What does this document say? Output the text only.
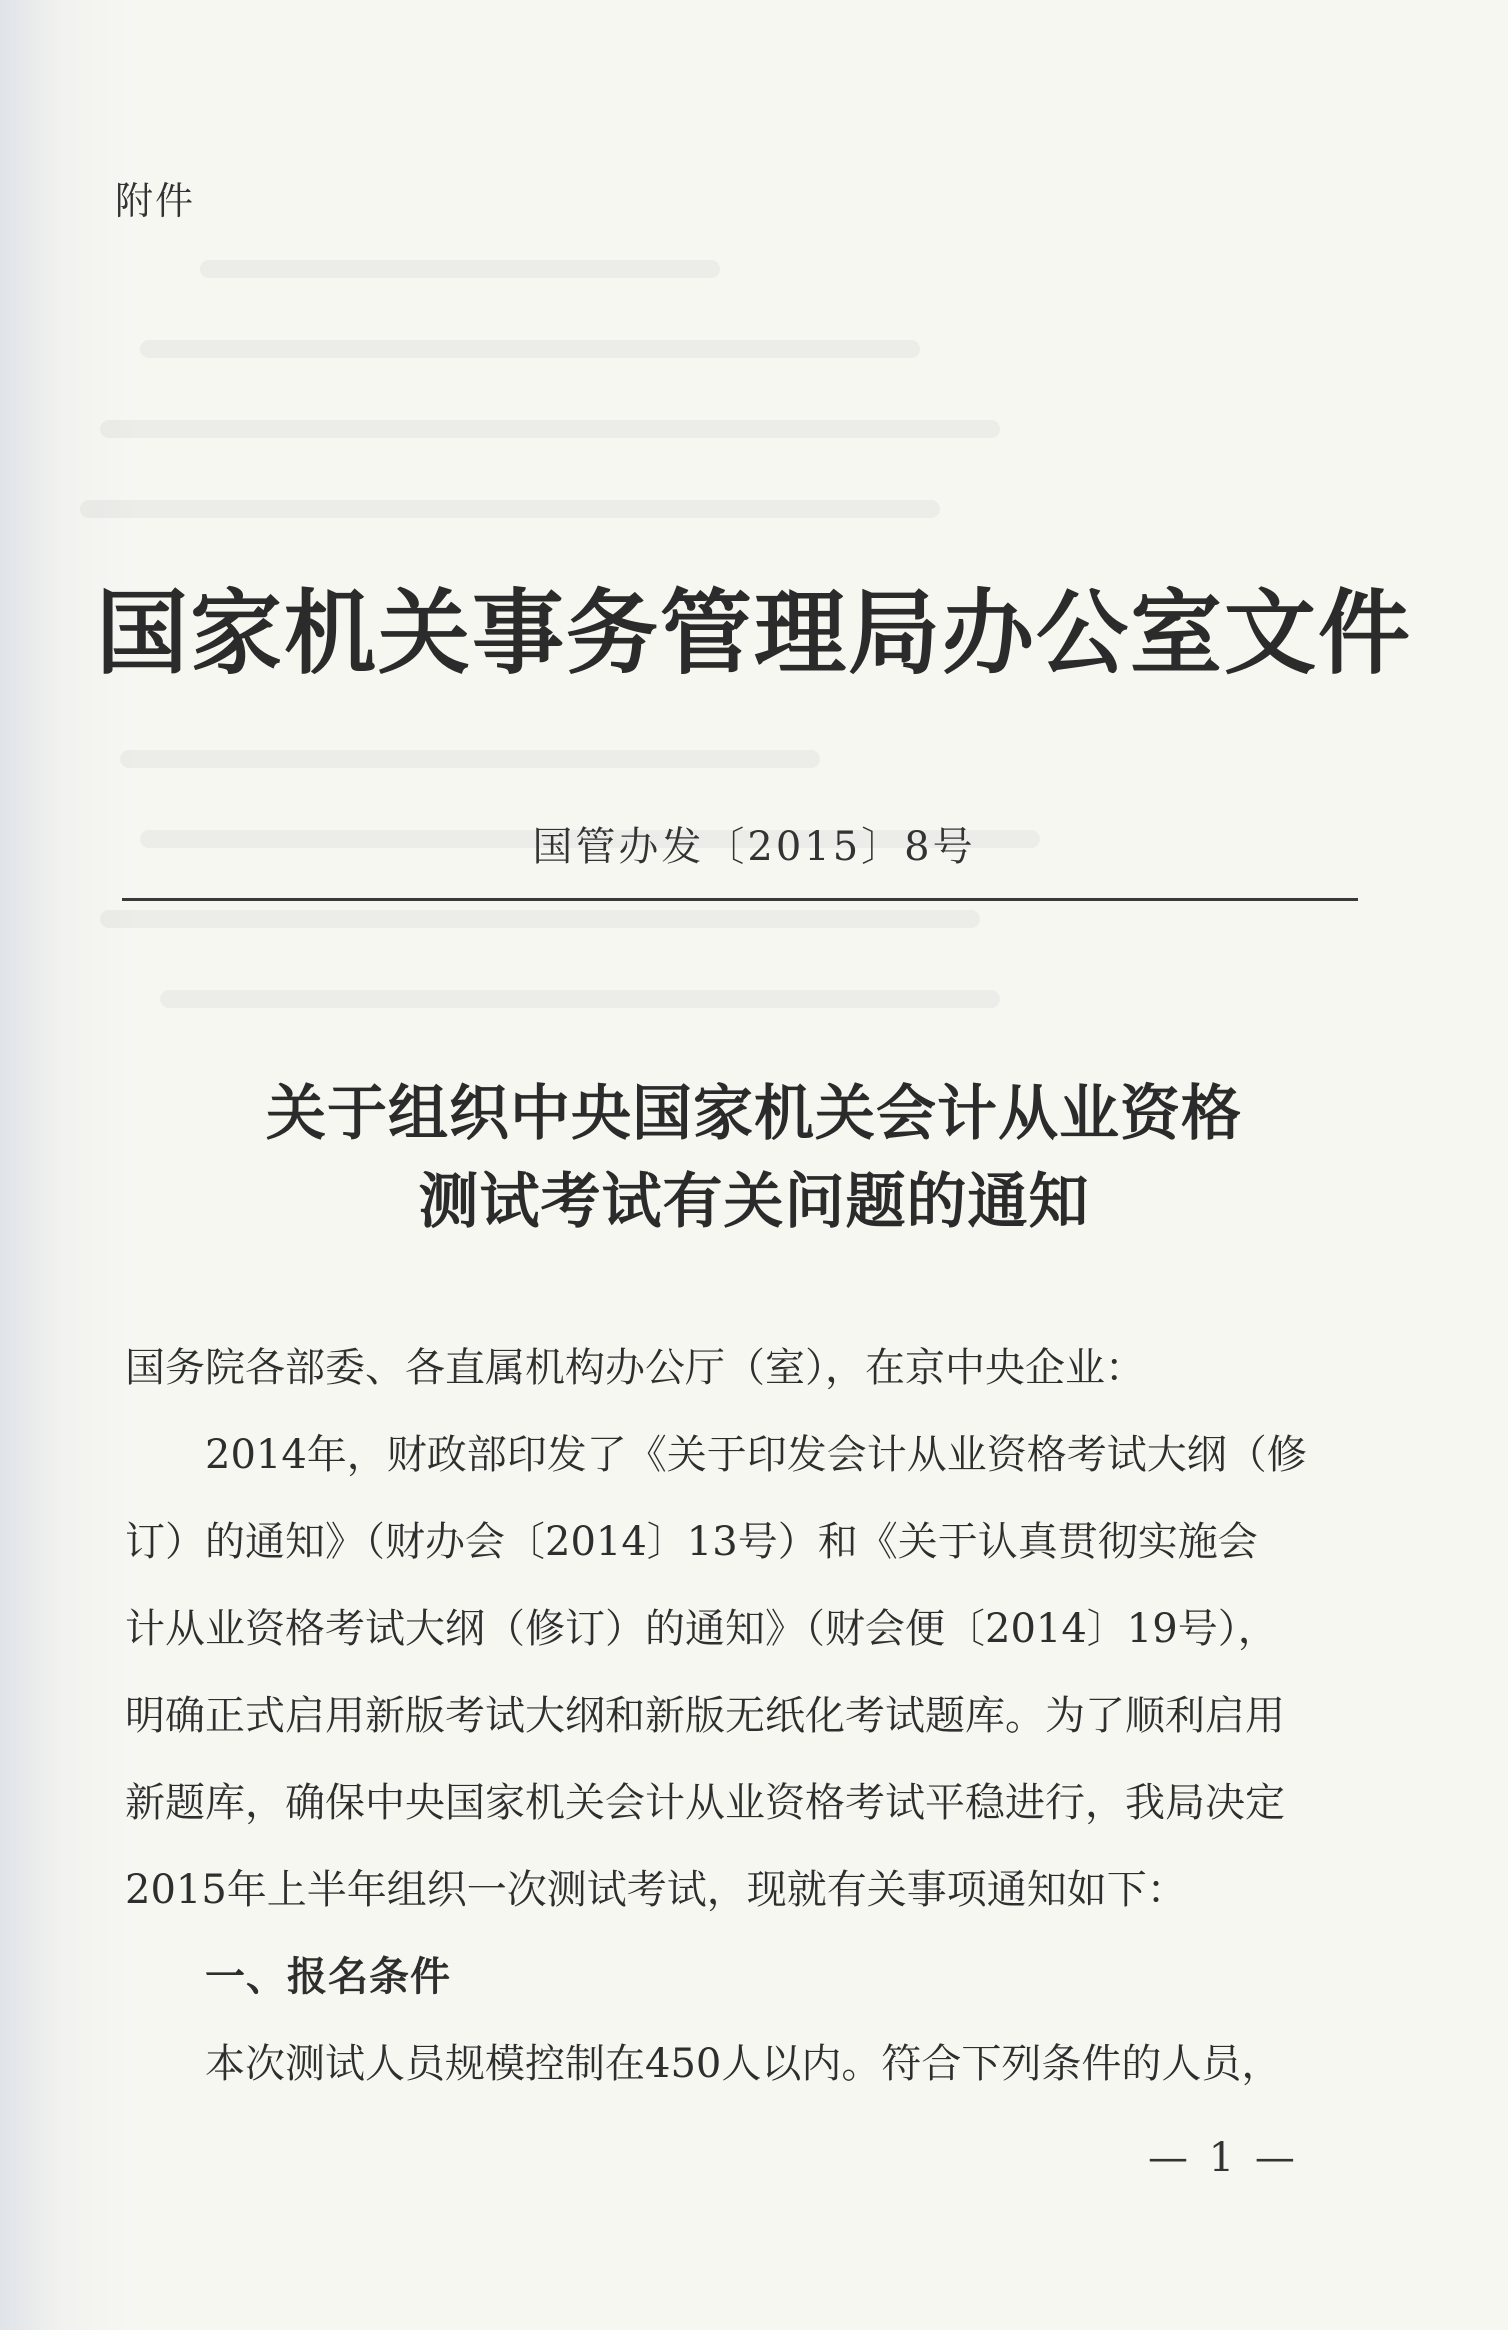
附件
国家机关事务管理局办公室文件
国管办发〔2015〕8号
关于组织中央国家机关会计从业资格
测试考试有关问题的通知

国务院各部委、各直属机构办公厅（室），在京中央企业：

2014年，财政部印发了《关于印发会计从业资格考试大纲（修

订）的通知》（财办会〔2014〕13号）和《关于认真贯彻实施会

计从业资格考试大纲（修订）的通知》（财会便〔2014〕19号），

明确正式启用新版考试大纲和新版无纸化考试题库。为了顺利启用

新题库，确保中央国家机关会计从业资格考试平稳进行，我局决定

2015年上半年组织一次测试考试，现就有关事项通知如下：

一、报名条件

本次测试人员规模控制在450人以内。符合下列条件的人员，

— 1 —
